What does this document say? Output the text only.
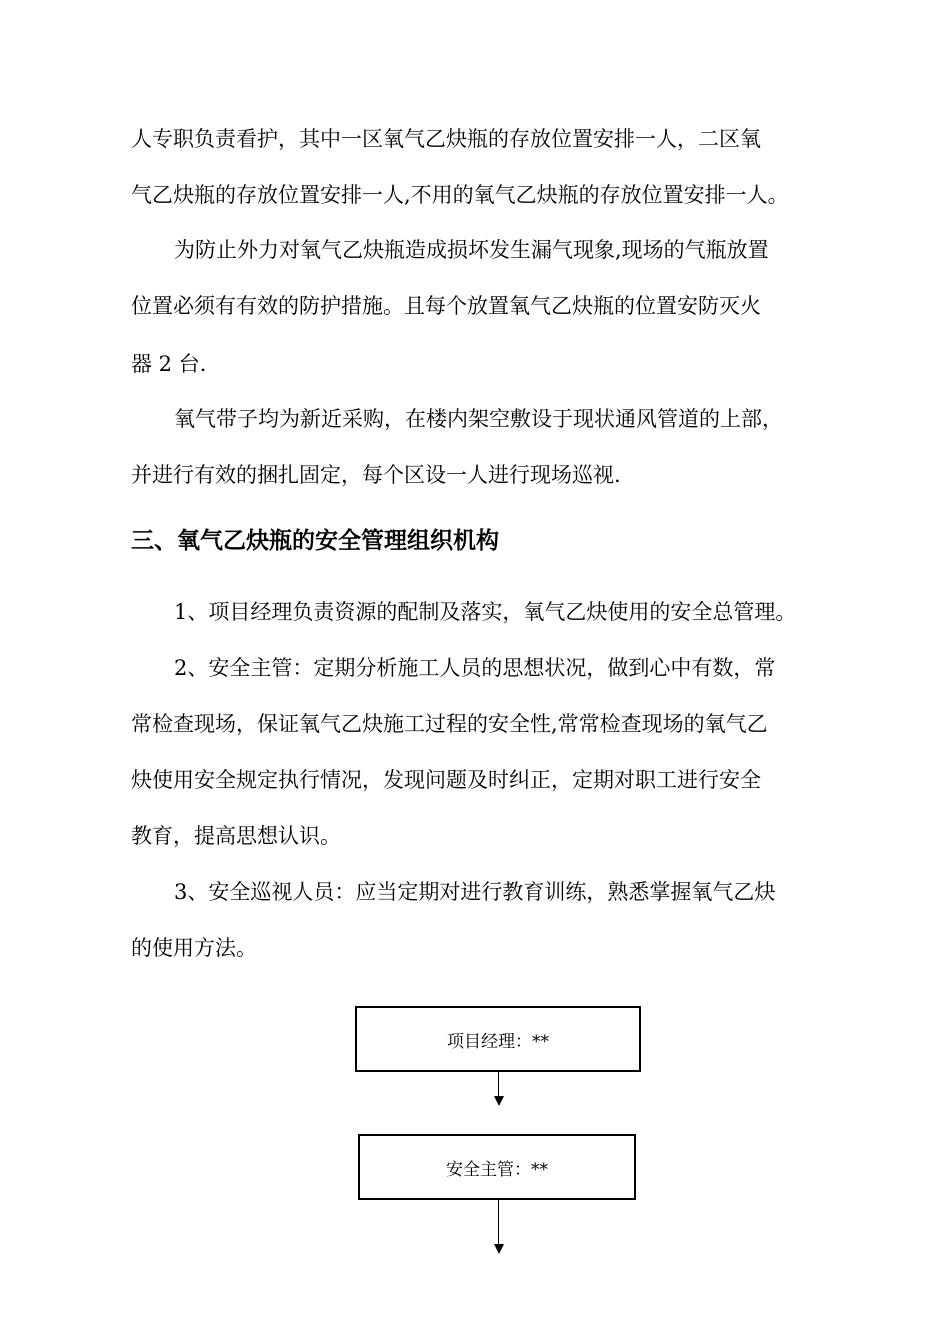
人专职负责看护，其中一区氧气乙炔瓶的存放位置安排一人，二区氧
气乙炔瓶的存放位置安排一人,不用的氧气乙炔瓶的存放位置安排一人。
为防止外力对氧气乙炔瓶造成损坏发生漏气现象,现场的气瓶放置
位置必须有有效的防护措施。且每个放置氧气乙炔瓶的位置安防灭火
器 2 台.
氧气带子均为新近采购，在楼内架空敷设于现状通风管道的上部，
并进行有效的捆扎固定，每个区设一人进行现场巡视.
三、氧气乙炔瓶的安全管理组织机构
1、项目经理负责资源的配制及落实，氧气乙炔使用的安全总管理。
2、安全主管：定期分析施工人员的思想状况，做到心中有数，常
常检查现场，保证氧气乙炔施工过程的安全性,常常检查现场的氧气乙
炔使用安全规定执行情况，发现问题及时纠正，定期对职工进行安全
教育，提高思想认识。
3、安全巡视人员：应当定期对进行教育训练，熟悉掌握氧气乙炔
的使用方法。
项目经理：**
安全主管：**
